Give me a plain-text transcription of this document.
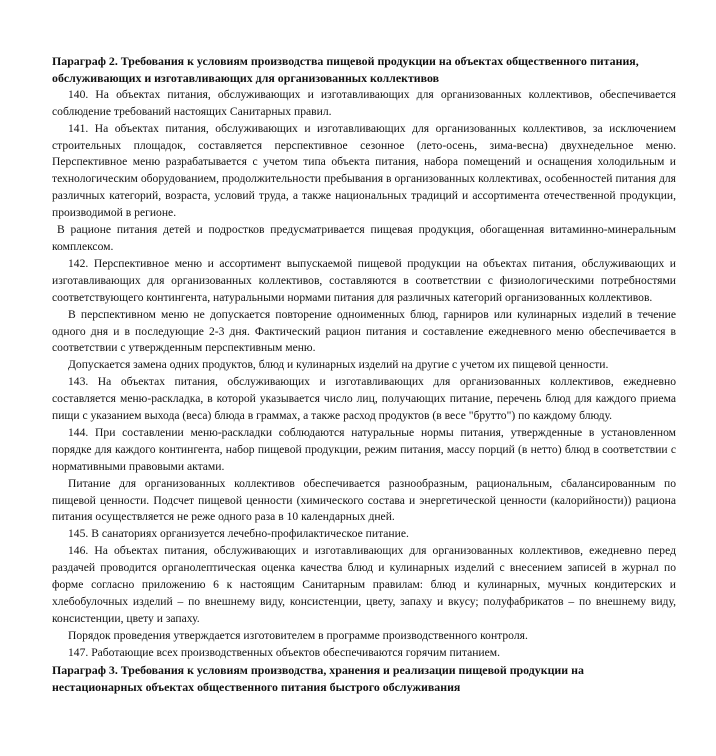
Параграф 2. Требования к условиям производства пищевой продукции на объектах общественного питания, обслуживающих и изготавливающих для организованных коллективов
140. На объектах питания, обслуживающих и изготавливающих для организованных коллективов, обеспечивается соблюдение требований настоящих Санитарных правил.
141. На объектах питания, обслуживающих и изготавливающих для организованных коллективов, за исключением строительных площадок, составляется перспективное сезонное (лето-осень, зима-весна) двухнедельное меню. Перспективное меню разрабатывается с учетом типа объекта питания, набора помещений и оснащения холодильным и технологическим оборудованием, продолжительности пребывания в организованных коллективах, особенностей питания для различных категорий, возраста, условий труда, а также национальных традиций и ассортимента отечественной продукции, производимой в регионе.
В рационе питания детей и подростков предусматривается пищевая продукция, обогащенная витаминно-минеральным комплексом.
142. Перспективное меню и ассортимент выпускаемой пищевой продукции на объектах питания, обслуживающих и изготавливающих для организованных коллективов, составляются в соответствии с физиологическими потребностями соответствующего контингента, натуральными нормами питания для различных категорий организованных коллективов.
В перспективном меню не допускается повторение одноименных блюд, гарниров или кулинарных изделий в течение одного дня и в последующие 2-3 дня. Фактический рацион питания и составление ежедневного меню обеспечивается в соответствии с утвержденным перспективным меню.
Допускается замена одних продуктов, блюд и кулинарных изделий на другие с учетом их пищевой ценности.
143. На объектах питания, обслуживающих и изготавливающих для организованных коллективов, ежедневно составляется меню-раскладка, в которой указывается число лиц, получающих питание, перечень блюд для каждого приема пищи с указанием выхода (веса) блюда в граммах, а также расход продуктов (в весе "брутто") по каждому блюду.
144. При составлении меню-раскладки соблюдаются натуральные нормы питания, утвержденные в установленном порядке для каждого контингента, набор пищевой продукции, режим питания, массу порций (в нетто) блюд в соответствии с нормативными правовыми актами.
Питание для организованных коллективов обеспечивается разнообразным, рациональным, сбалансированным по пищевой ценности. Подсчет пищевой ценности (химического состава и энергетической ценности (калорийности)) рациона питания осуществляется не реже одного раза в 10 календарных дней.
145. В санаториях организуется лечебно-профилактическое питание.
146. На объектах питания, обслуживающих и изготавливающих для организованных коллективов, ежедневно перед раздачей проводится органолептическая оценка качества блюд и кулинарных изделий с внесением записей в журнал по форме согласно приложению 6 к настоящим Санитарным правилам: блюд и кулинарных, мучных кондитерских и хлебобулочных изделий – по внешнему виду, консистенции, цвету, запаху и вкусу; полуфабрикатов – по внешнему виду, консистенции, цвету и запаху.
Порядок проведения утверждается изготовителем в программе производственного контроля.
147. Работающие всех производственных объектов обеспечиваются горячим питанием.
Параграф 3. Требования к условиям производства, хранения и реализации пищевой продукции на нестационарных объектах общественного питания быстрого обслуживания
